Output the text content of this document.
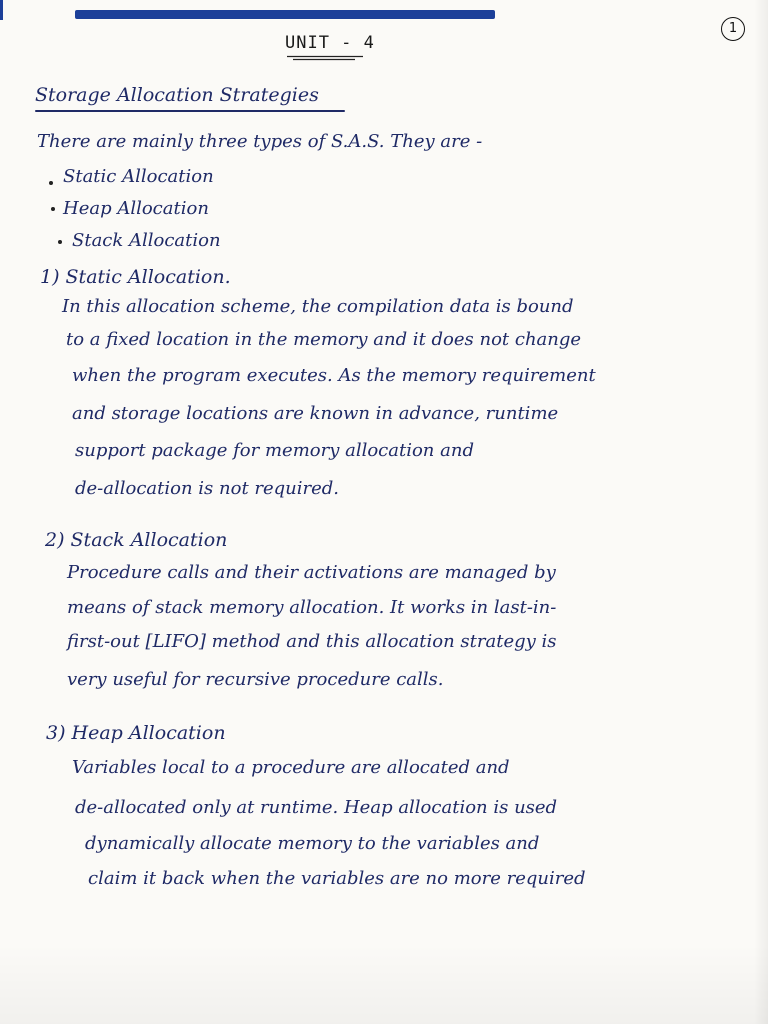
1
UNIT - 4
Storage Allocation Strategies
There are mainly three types of S.A.S. They are -
Static Allocation
Heap Allocation
Stack Allocation
1) Static Allocation.
In this allocation scheme, the compilation data is bound
to a fixed location in the memory and it does not change
when the program executes. As the memory requirement
and storage locations are known in advance, runtime
support package for memory allocation and
de-allocation is not required.
2) Stack Allocation
Procedure calls and their activations are managed by
means of stack memory allocation. It works in last-in-
first-out [LIFO] method and this allocation strategy is
very useful for recursive procedure calls.
3) Heap Allocation
Variables local to a procedure are allocated and
de-allocated only at runtime. Heap allocation is used
dynamically allocate memory to the variables and
claim it back when the variables are no more required
